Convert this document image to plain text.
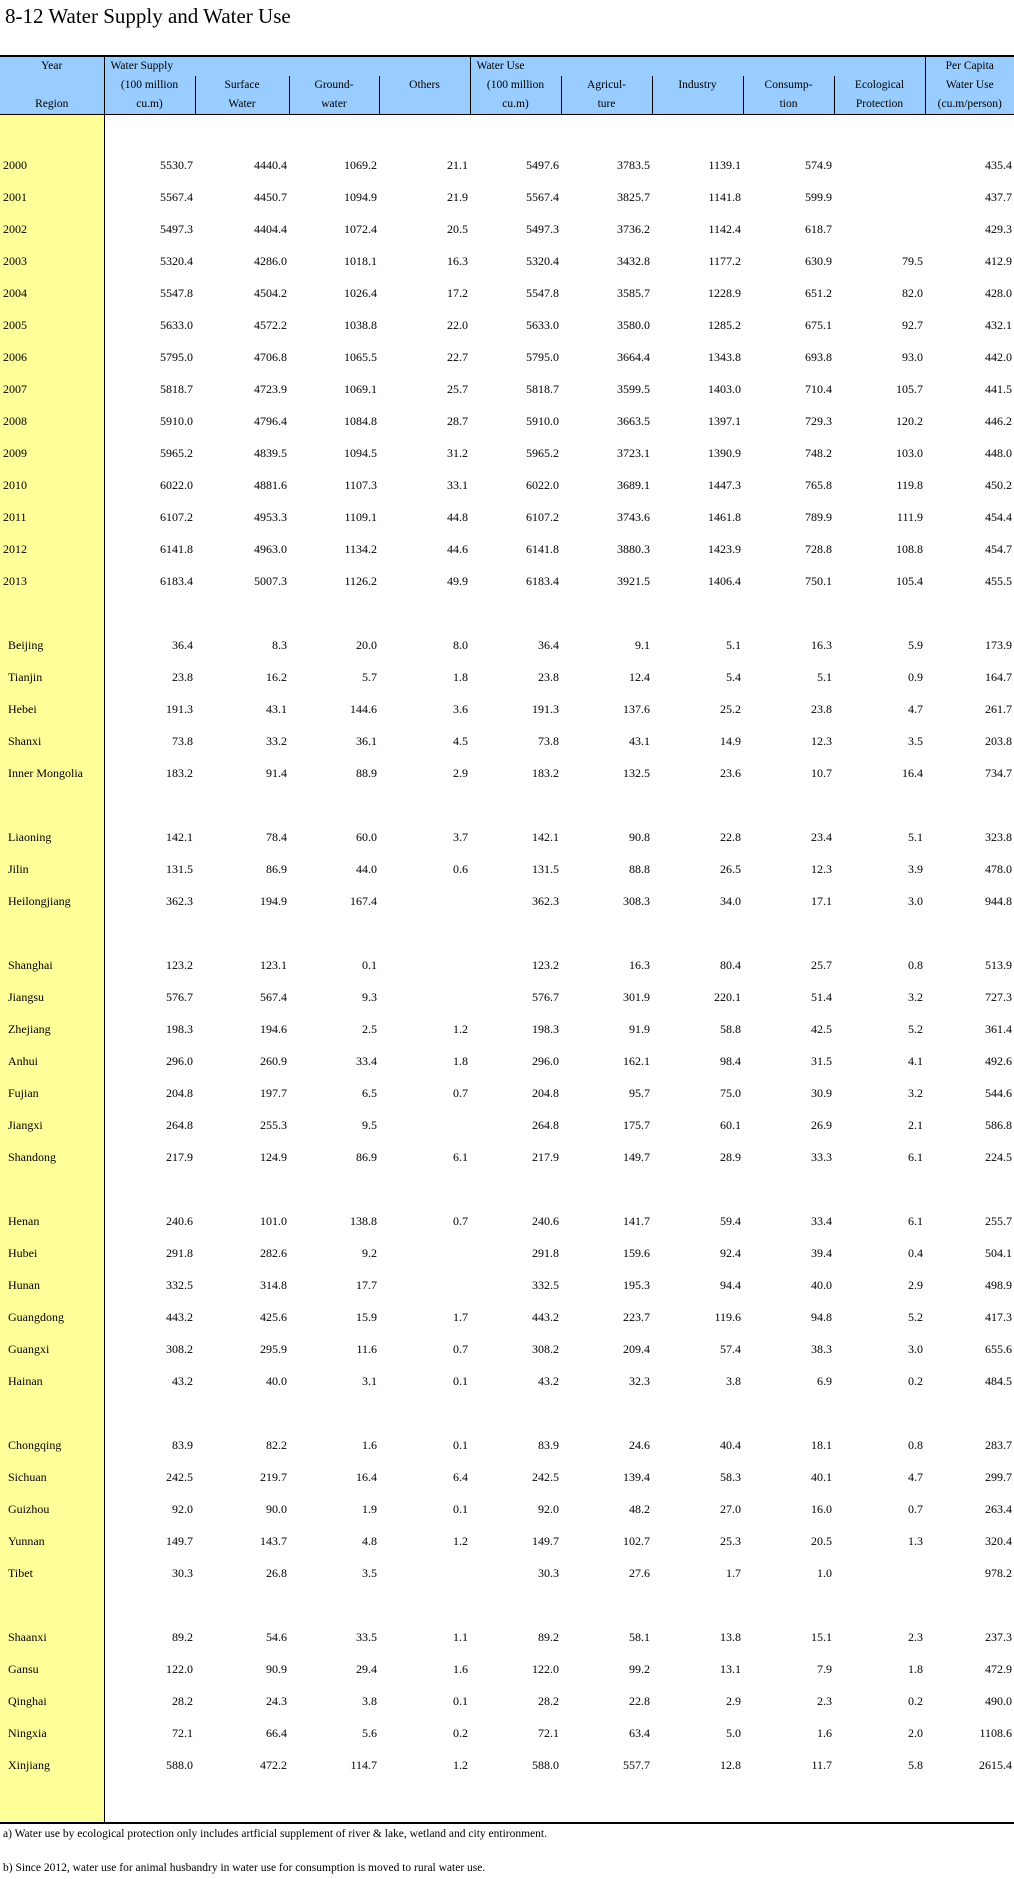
8-12 Water Supply and Water Use
Year	Water Supply				Water Use					Per Capita
	(100 million	Surface	Ground-	Others	(100 million	Agricul-	Industry	Consump-	Ecological	Water Use
Region	cu.m)	Water	water		cu.m)	ture		tion	Protection	(cu.m/person)

2000	5530.7	4440.4	1069.2	21.1	5497.6	3783.5	1139.1	574.9		435.4
2001	5567.4	4450.7	1094.9	21.9	5567.4	3825.7	1141.8	599.9		437.7
2002	5497.3	4404.4	1072.4	20.5	5497.3	3736.2	1142.4	618.7		429.3
2003	5320.4	4286.0	1018.1	16.3	5320.4	3432.8	1177.2	630.9	79.5	412.9
2004	5547.8	4504.2	1026.4	17.2	5547.8	3585.7	1228.9	651.2	82.0	428.0
2005	5633.0	4572.2	1038.8	22.0	5633.0	3580.0	1285.2	675.1	92.7	432.1
2006	5795.0	4706.8	1065.5	22.7	5795.0	3664.4	1343.8	693.8	93.0	442.0
2007	5818.7	4723.9	1069.1	25.7	5818.7	3599.5	1403.0	710.4	105.7	441.5
2008	5910.0	4796.4	1084.8	28.7	5910.0	3663.5	1397.1	729.3	120.2	446.2
2009	5965.2	4839.5	1094.5	31.2	5965.2	3723.1	1390.9	748.2	103.0	448.0
2010	6022.0	4881.6	1107.3	33.1	6022.0	3689.1	1447.3	765.8	119.8	450.2
2011	6107.2	4953.3	1109.1	44.8	6107.2	3743.6	1461.8	789.9	111.9	454.4
2012	6141.8	4963.0	1134.2	44.6	6141.8	3880.3	1423.9	728.8	108.8	454.7
2013	6183.4	5007.3	1126.2	49.9	6183.4	3921.5	1406.4	750.1	105.4	455.5

Beijing	36.4	8.3	20.0	8.0	36.4	9.1	5.1	16.3	5.9	173.9
Tianjin	23.8	16.2	5.7	1.8	23.8	12.4	5.4	5.1	0.9	164.7
Hebei	191.3	43.1	144.6	3.6	191.3	137.6	25.2	23.8	4.7	261.7
Shanxi	73.8	33.2	36.1	4.5	73.8	43.1	14.9	12.3	3.5	203.8
Inner Mongolia	183.2	91.4	88.9	2.9	183.2	132.5	23.6	10.7	16.4	734.7

Liaoning	142.1	78.4	60.0	3.7	142.1	90.8	22.8	23.4	5.1	323.8
Jilin	131.5	86.9	44.0	0.6	131.5	88.8	26.5	12.3	3.9	478.0
Heilongjiang	362.3	194.9	167.4		362.3	308.3	34.0	17.1	3.0	944.8

Shanghai	123.2	123.1	0.1		123.2	16.3	80.4	25.7	0.8	513.9
Jiangsu	576.7	567.4	9.3		576.7	301.9	220.1	51.4	3.2	727.3
Zhejiang	198.3	194.6	2.5	1.2	198.3	91.9	58.8	42.5	5.2	361.4
Anhui	296.0	260.9	33.4	1.8	296.0	162.1	98.4	31.5	4.1	492.6
Fujian	204.8	197.7	6.5	0.7	204.8	95.7	75.0	30.9	3.2	544.6
Jiangxi	264.8	255.3	9.5		264.8	175.7	60.1	26.9	2.1	586.8
Shandong	217.9	124.9	86.9	6.1	217.9	149.7	28.9	33.3	6.1	224.5

Henan	240.6	101.0	138.8	0.7	240.6	141.7	59.4	33.4	6.1	255.7
Hubei	291.8	282.6	9.2		291.8	159.6	92.4	39.4	0.4	504.1
Hunan	332.5	314.8	17.7		332.5	195.3	94.4	40.0	2.9	498.9
Guangdong	443.2	425.6	15.9	1.7	443.2	223.7	119.6	94.8	5.2	417.3
Guangxi	308.2	295.9	11.6	0.7	308.2	209.4	57.4	38.3	3.0	655.6
Hainan	43.2	40.0	3.1	0.1	43.2	32.3	3.8	6.9	0.2	484.5

Chongqing	83.9	82.2	1.6	0.1	83.9	24.6	40.4	18.1	0.8	283.7
Sichuan	242.5	219.7	16.4	6.4	242.5	139.4	58.3	40.1	4.7	299.7
Guizhou	92.0	90.0	1.9	0.1	92.0	48.2	27.0	16.0	0.7	263.4
Yunnan	149.7	143.7	4.8	1.2	149.7	102.7	25.3	20.5	1.3	320.4
Tibet	30.3	26.8	3.5		30.3	27.6	1.7	1.0		978.2

Shaanxi	89.2	54.6	33.5	1.1	89.2	58.1	13.8	15.1	2.3	237.3
Gansu	122.0	90.9	29.4	1.6	122.0	99.2	13.1	7.9	1.8	472.9
Qinghai	28.2	24.3	3.8	0.1	28.2	22.8	2.9	2.3	0.2	490.0
Ningxia	72.1	66.4	5.6	0.2	72.1	63.4	5.0	1.6	2.0	1108.6
Xinjiang	588.0	472.2	114.7	1.2	588.0	557.7	12.8	11.7	5.8	2615.4

a) Water use by ecological protection only includes artficial supplement of river & lake, wetland and city entironment.
b) Since 2012, water use for animal husbandry in water use for consumption is moved to rural water use.
